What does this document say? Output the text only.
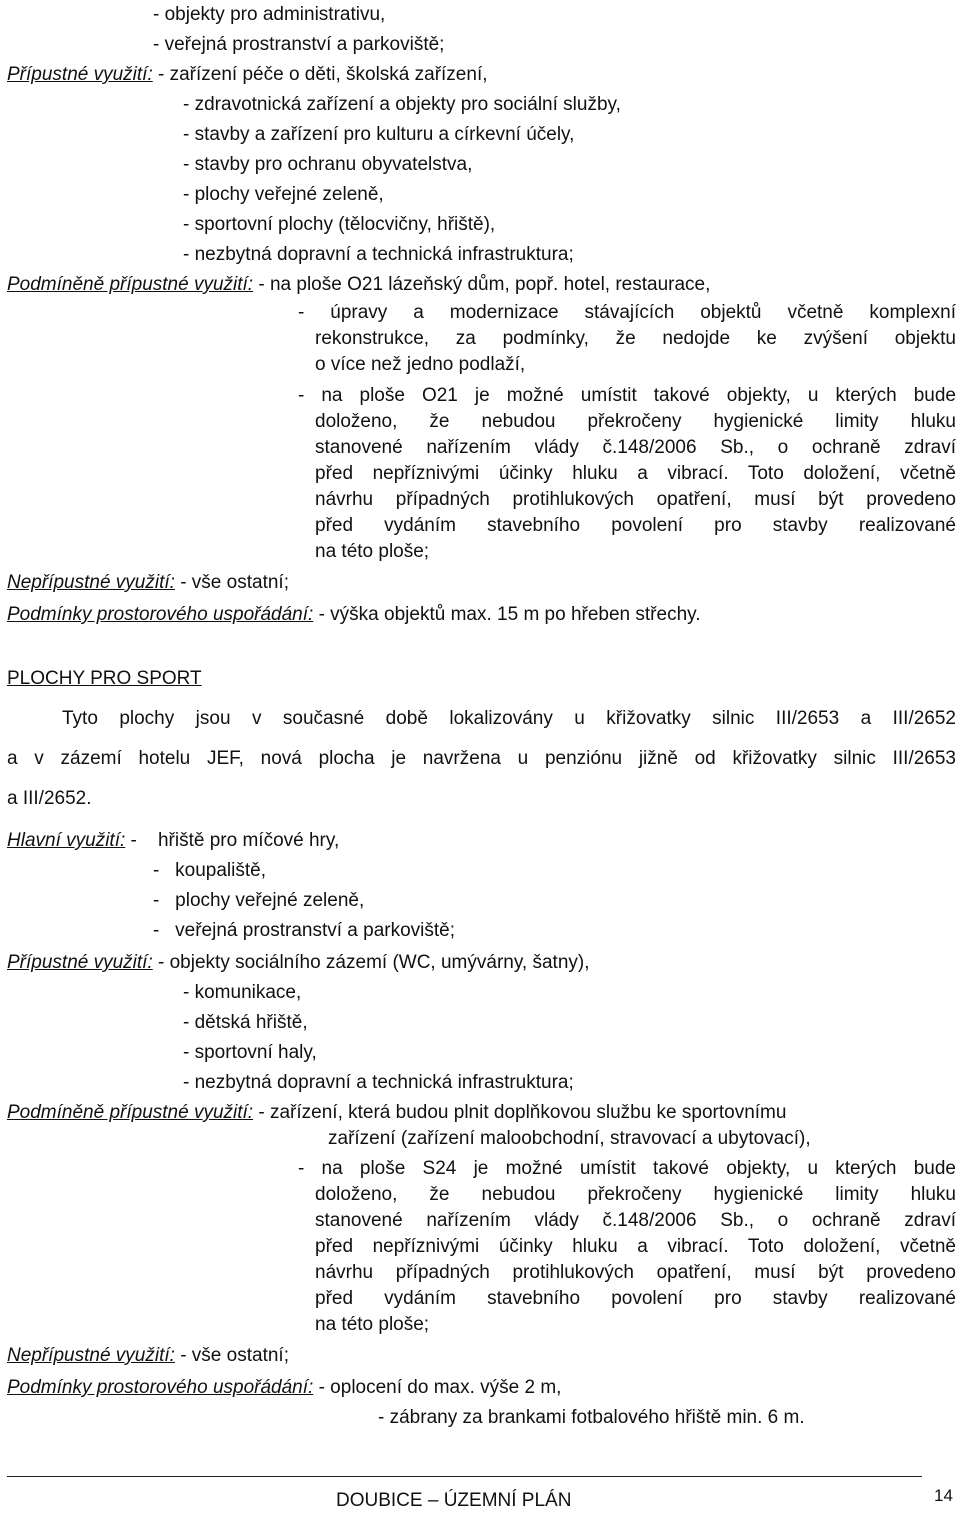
- objekty pro administrativu,
- veřejná prostranství a parkoviště;
Přípustné využití: - zařízení péče o děti, školská zařízení,
- zdravotnická zařízení a objekty pro sociální služby,
- stavby a zařízení pro kulturu a církevní účely,
- stavby pro ochranu obyvatelstva,
- plochy veřejné zeleně,
- sportovní plochy (tělocvičny, hřiště),
- nezbytná dopravní a technická infrastruktura;
Podmíněně přípustné využití: - na ploše O21 lázeňský dům, popř. hotel, restaurace,
- úpravy a modernizace stávajících objektů včetně komplexní
rekonstrukce, za podmínky, že nedojde ke zvýšení objektu
o více než jedno podlaží,
- na ploše O21 je možné umístit takové objekty, u kterých bude
doloženo, že nebudou překročeny hygienické limity hluku
stanovené nařízením vlády č.148/2006 Sb., o ochraně zdraví
před nepříznivými účinky hluku a vibrací. Toto doložení, včetně
návrhu případných protihlukových opatření, musí být provedeno
před vydáním stavebního povolení pro stavby realizované
na této ploše;
Nepřípustné využití: - vše ostatní;
Podmínky prostorového uspořádání: - výška objektů max. 15 m po hřeben střechy.
PLOCHY PRO SPORT
Tyto plochy jsou v současné době lokalizovány u křižovatky silnic III/2653 a III/2652
a v zázemí hotelu JEF, nová plocha je navržena u penziónu jižně od křižovatky silnic III/2653
a III/2652.
Hlavní využití: -    hřiště pro míčové hry,
-   koupaliště,
-   plochy veřejné zeleně,
-   veřejná prostranství a parkoviště;
Přípustné využití: - objekty sociálního zázemí (WC, umývárny, šatny),
- komunikace,
- dětská hřiště,
- sportovní haly,
- nezbytná dopravní a technická infrastruktura;
Podmíněně přípustné využití: - zařízení, která budou plnit doplňkovou službu ke sportovnímu
zařízení (zařízení maloobchodní, stravovací a ubytovací),
- na ploše S24 je možné umístit takové objekty, u kterých bude
doloženo, že nebudou překročeny hygienické limity hluku
stanovené nařízením vlády č.148/2006 Sb., o ochraně zdraví
před nepříznivými účinky hluku a vibrací. Toto doložení, včetně
návrhu případných protihlukových opatření, musí být provedeno
před vydáním stavebního povolení pro stavby realizované
na této ploše;
Nepřípustné využití: - vše ostatní;
Podmínky prostorového uspořádání: - oplocení do max. výše 2 m,
- zábrany za brankami fotbalového hřiště min. 6 m.
DOUBICE – ÚZEMNÍ PLÁN	14
